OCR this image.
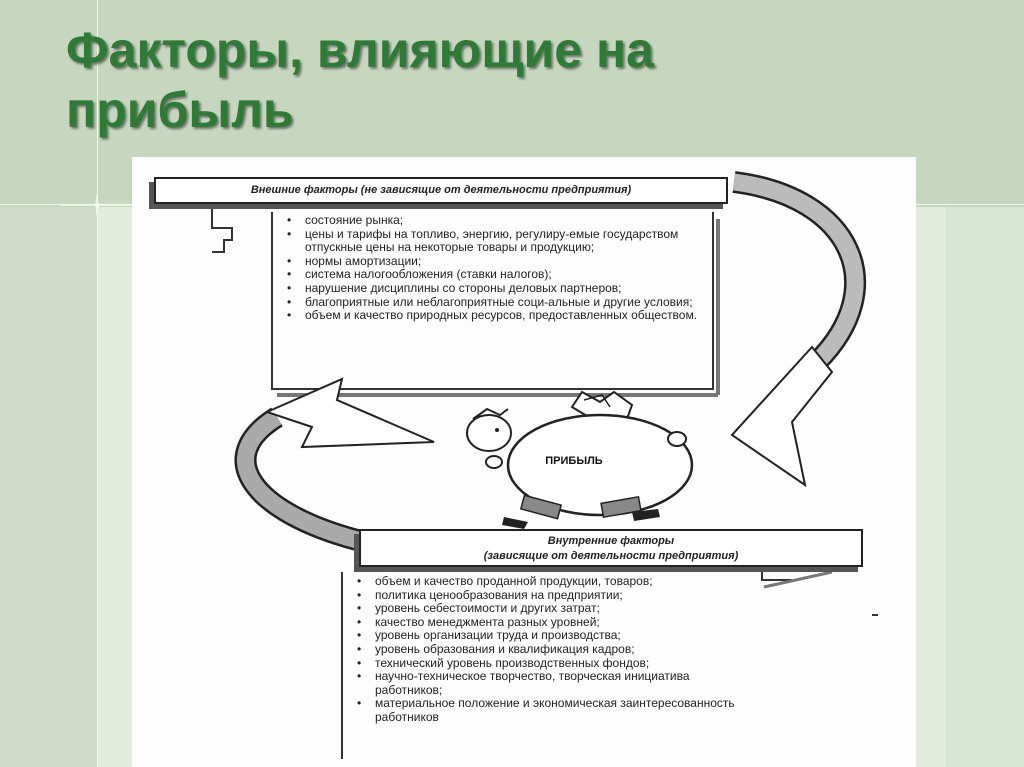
Факторы, влияющие на прибыль
Внешние факторы (не зависящие от деятельности предприятия)
• состояние рынка;
• цены и тарифы на топливо, энергию, регулиру-емые государством отпускные цены на некоторые товары и продукцию;
• нормы амортизации;
• система налогообложения (ставки налогов);
• нарушение дисциплины со стороны деловых партнеров;
• благоприятные или неблагоприятные соци-альные и другие условия;
• объем и качество природных ресурсов, предоставленных обществом.
ПРИБЫЛЬ
Внутренние факторы
(зависящие от деятельности предприятия)
• объем и качество проданной продукции, товаров;
• политика ценообразования на предприятии;
• уровень себестоимости и других затрат;
• качество менеджмента разных уровней;
• уровень организации труда и производства;
• уровень образования и квалификация кадров;
• технический уровень производственных фондов;
• научно-техническое творчество, творческая инициатива работников;
• материальное положение и экономическая заинтересованность работников
